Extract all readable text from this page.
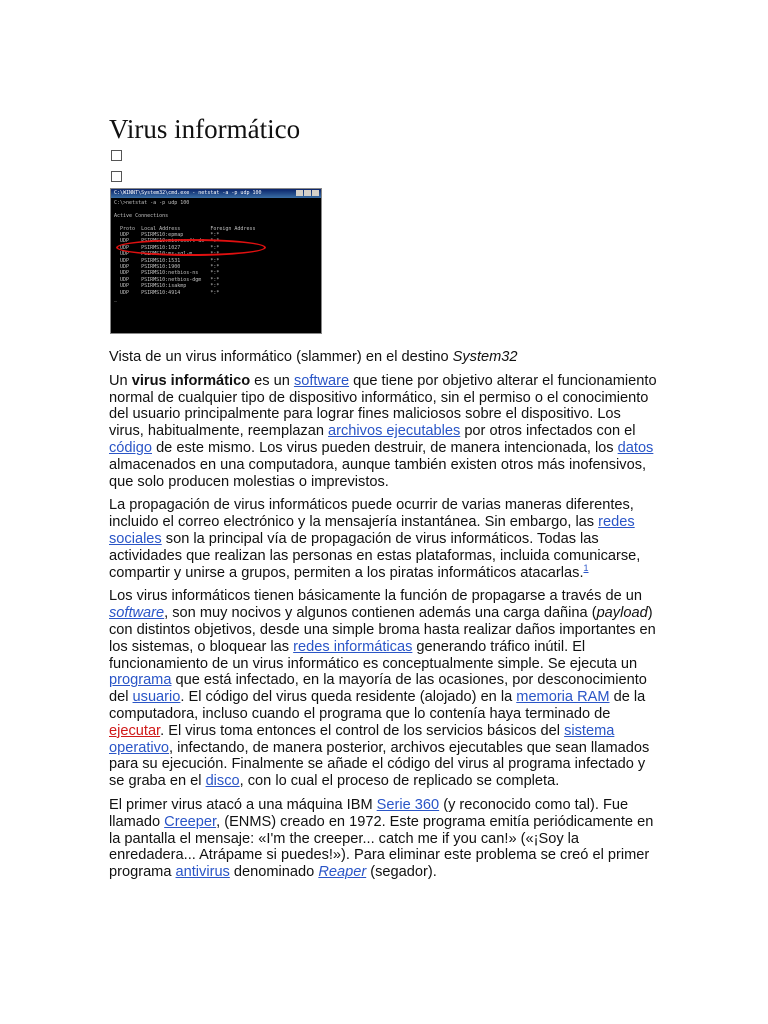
Virus informático
C:\WINNT\System32\cmd.exe - netstat -a -p udp 100
C:\>netstat -a -p udp 100

Active Connections

Proto  Local Address          Foreign Address
UDP    PSIRMS10:epmap         *:*
UDP    PSIRMS10:microsoft-ds  *:*
UDP    PSIRMS10:1027          *:*
UDP    PSIRMS10:ms-sql-m      *:*
UDP    PSIRMS10:1531          *:*
UDP    PSIRMS10:1900          *:*
UDP    PSIRMS10:netbios-ns    *:*
UDP    PSIRMS10:netbios-dgm   *:*
UDP    PSIRMS10:isakmp        *:*
UDP    PSIRMS10:4914          *:*
_

Vista de un virus informático (slammer) en el destino System32

Un virus informático es un software que tiene por objetivo alterar el funcionamiento normal de cualquier tipo de dispositivo informático, sin el permiso o el conocimiento del usuario principalmente para lograr fines maliciosos sobre el dispositivo. Los virus, habitualmente, reemplazan archivos ejecutables por otros infectados con el código de este mismo. Los virus pueden destruir, de manera intencionada, los datos almacenados en una computadora, aunque también existen otros más inofensivos, que solo producen molestias o imprevistos.

La propagación de virus informáticos puede ocurrir de varias maneras diferentes, incluido el correo electrónico y la mensajería instantánea. Sin embargo, las redes sociales son la principal vía de propagación de virus informáticos. Todas las actividades que realizan las personas en estas plataformas, incluida comunicarse, compartir y unirse a grupos, permiten a los piratas informáticos atacarlas.$^1$

Los virus informáticos tienen básicamente la función de propagarse a través de un software, son muy nocivos y algunos contienen además una carga dañina (payload) con distintos objetivos, desde una simple broma hasta realizar daños importantes en los sistemas, o bloquear las redes informáticas generando tráfico inútil. El funcionamiento de un virus informático es conceptualmente simple. Se ejecuta un programa que está infectado, en la mayoría de las ocasiones, por desconocimiento del usuario. El código del virus queda residente (alojado) en la memoria RAM de la computadora, incluso cuando el programa que lo contenía haya terminado de ejecutar. El virus toma entonces el control de los servicios básicos del sistema operativo, infectando, de manera posterior, archivos ejecutables que sean llamados para su ejecución. Finalmente se añade el código del virus al programa infectado y se graba en el disco, con lo cual el proceso de replicado se completa.

El primer virus atacó a una máquina IBM Serie 360 (y reconocido como tal). Fue llamado Creeper, (ENMS) creado en 1972. Este programa emitía periódicamente en la pantalla el mensaje: «I'm the creeper... catch me if you can!» («¡Soy la enredadera... Atrápame si puedes!»). Para eliminar este problema se creó el primer programa antivirus denominado Reaper (segador).
